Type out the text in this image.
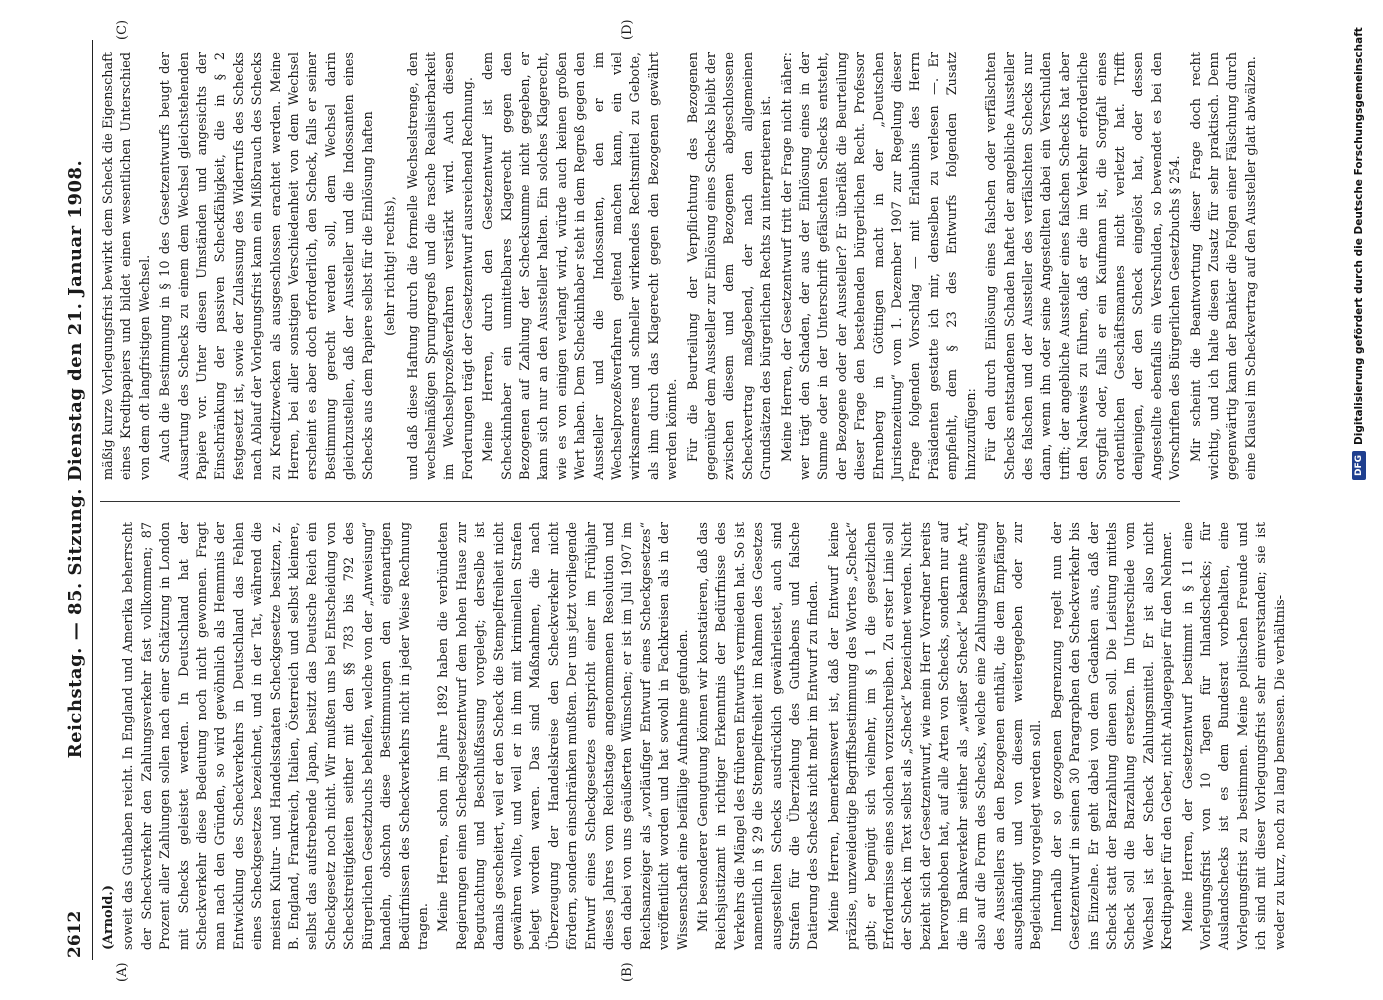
2612
Reichstag. — 85. Sitzung. Dienstag den 21. Januar 1908.
(A)	(B)
(C)	(D)

(Arnold.) soweit das Guthaben reicht. In England und Amerika beherrscht der Scheckverkehr den Zahlungsverkehr fast vollkommen; 87 Prozent aller Zahlungen sollen nach einer Schätzung in London mit Schecks geleistet werden. In Deutschland hat der Scheckverkehr diese Bedeutung noch nicht gewonnen. Fragt man nach den Gründen, so wird gewöhnlich als Hemmnis der Entwicklung des Scheckverkehrs in Deutschland das Fehlen eines Scheckgesetzes bezeichnet, und in der Tat, während die meisten Kultur- und Handelsstaaten Scheckgesetze besitzen, z. B. England, Frankreich, Italien, Österreich und selbst kleinere, selbst das aufstrebende Japan, besitzt das Deutsche Reich ein Scheckgesetz noch nicht. Wir mußten uns bei Entscheidung von Scheckstreitigkeiten seither mit den §§ 783 bis 792 des Bürgerlichen Gesetzbuchs behelfen, welche von der „Anweisung“ handeln, obschon diese Bestimmungen den eigenartigen Bedürfnissen des Scheckverkehrs nicht in jeder Weise Rechnung tragen. Meine Herren, schon im Jahre 1892 haben die verbündeten Regierungen einen Scheckgesetzentwurf dem hohen Hause zur Begutachtung und Beschlußfassung vorgelegt; derselbe ist damals gescheitert, weil er den Scheck die Stempelfreiheit nicht gewähren wollte, und weil er in ihm mit kriminellen Strafen belegt worden waren. Das sind Maßnahmen, die nach Überzeugung der Handelskreise den Scheckverkehr nicht fördern, sondern einschränken mußten. Der uns jetzt vorliegende Entwurf eines Scheckgesetzes entspricht einer im Frühjahr dieses Jahres vom Reichstage angenommenen Resolution und den dabei von uns geäußerten Wünschen; er ist im Juli 1907 im Reichsanzeiger als „vorläufiger Entwurf eines Scheckgesetzes“ veröffentlicht worden und hat sowohl in Fachkreisen als in der Wissenschaft eine beifällige Aufnahme gefunden. Mit besonderer Genugtuung können wir konstatieren, daß das Reichsjustizamt in richtiger Erkenntnis der Bedürfnisse des Verkehrs die Mängel des früheren Entwurfs vermieden hat. So ist namentlich in § 29 die Stempelfreiheit im Rahmen des Gesetzes ausgestellten Schecks ausdrücklich gewährleistet, auch sind Strafen für die Überziehung des Guthabens und falsche Datierung des Schecks nicht mehr im Entwurf zu finden. Meine Herren, bemerkenswert ist, daß der Entwurf keine präzise, unzweideutige Begriffsbestimmung des Wortes „Scheck“ gibt; er begnügt sich vielmehr, im § 1 die gesetzlichen Erfordernisse eines solchen vorzuschreiben. Zu erster Linie soll der Scheck im Text selbst als „Scheck“ bezeichnet werden. Nicht bezieht sich der Gesetzentwurf, wie mein Herr Vorredner bereits hervorgehoben hat, auf alle Arten von Schecks, sondern nur auf die im Bankverkehr seither als „weißer Scheck“ bekannte Art, also auf die Form des Schecks, welche eine Zahlungsanweisung des Ausstellers an den Bezogenen enthält, die dem Empfänger ausgehändigt und von diesem weitergegeben oder zur Begleichung vorgelegt werden soll. Innerhalb der so gezogenen Begrenzung regelt nun der Gesetzentwurf in seinen 30 Paragraphen den Scheckverkehr bis ins Einzelne. Er geht dabei von dem Gedanken aus, daß der Scheck statt der Barzahlung dienen soll. Die Leistung mittels Scheck soll die Barzahlung ersetzen. Im Unterschiede vom Wechsel ist der Scheck Zahlungsmittel. Er ist also nicht Kreditpapier für den Geber, nicht Anlagepapier für den Nehmer. Meine Herren, der Gesetzentwurf bestimmt in § 11 eine Vorlegungsfrist von 10 Tagen für Inlandschecks; für Auslandschecks ist es dem Bundesrat vorbehalten, eine Vorlegungsfrist zu bestimmen. Meine politischen Freunde und ich sind mit dieser Vorlegungsfrist sehr einverstanden; sie ist weder zu kurz, noch zu lang bemessen. Die verhältnis-

mäßig kurze Vorlegungsfrist bewirkt dem Scheck die Eigenschaft eines Kreditpapiers und bildet einen wesentlichen Unterschied von dem oft langfristigen Wechsel. Auch die Bestimmung in § 10 des Gesetzentwurfs beugt der Ausartung des Schecks zu einem dem Wechsel gleichstehenden Papiere vor. Unter diesen Umständen und angesichts der Einschränkung der passiven Scheckfähigkeit, die in § 2 festgesetzt ist, sowie der Zulassung des Widerrufs des Schecks nach Ablauf der Vorlegungsfrist kann ein Mißbrauch des Schecks zu Kreditzwecken als ausgeschlossen erachtet werden. Meine Herren, bei aller sonstigen Verschiedenheit von dem Wechsel erscheint es aber doch erforderlich, den Scheck, falls er seiner Bestimmung gerecht werden soll, dem Wechsel darin gleichzustellen, daß der Aussteller und die Indossanten eines Schecks aus dem Papiere selbst für die Einlösung haften (sehr richtig! rechts), und daß diese Haftung durch die formelle Wechselstrenge, den wechselmäßigen Sprungregreß und die rasche Realisierbarkeit im Wechselprozeßverfahren verstärkt wird. Auch diesen Forderungen trägt der Gesetzentwurf ausreichend Rechnung. Meine Herren, durch den Gesetzentwurf ist dem Scheckinhaber ein unmittelbares Klagerecht gegen den Bezogenen auf Zahlung der Schecksumme nicht gegeben, er kann sich nur an den Aussteller halten. Ein solches Klagerecht, wie es von einigen verlangt wird, würde auch keinen großen Wert haben. Dem Scheckinhaber steht in dem Regreß gegen den Aussteller und die Indossanten, den er im Wechselprozeßverfahren geltend machen kann, ein viel wirksameres und schneller wirkendes Rechtsmittel zu Gebote, als ihm durch das Klagerecht gegen den Bezogenen gewährt werden könnte. Für die Beurteilung der Verpflichtung des Bezogenen gegenüber dem Aussteller zur Einlösung eines Schecks bleibt der zwischen diesem und dem Bezogenen abgeschlossene Scheckvertrag maßgebend, der nach den allgemeinen Grundsätzen des bürgerlichen Rechts zu interpretieren ist. Meine Herren, der Gesetzentwurf tritt der Frage nicht näher: wer trägt den Schaden, der aus der Einlösung eines in der Summe oder in der Unterschrift gefälschten Schecks entsteht, der Bezogene oder der Aussteller? Er überläßt die Beurteilung dieser Frage den bestehenden bürgerlichen Recht. Professor Ehrenberg in Göttingen macht in der „Deutschen Juristenzeitung“ vom 1. Dezember 1907 zur Regelung dieser Frage folgenden Vorschlag — mit Erlaubnis des Herrn Präsidenten gestatte ich mir, denselben zu verlesen —. Er empfiehlt, dem § 23 des Entwurfs folgenden Zusatz hinzuzufügen: Für den durch Einlösung eines falschen oder verfälschten Schecks entstandenen Schaden haftet der angebliche Aussteller des falschen und der Aussteller des verfälschten Schecks nur dann, wenn ihn oder seine Angestellten dabei ein Verschulden trifft; der angebliche Aussteller eines falschen Schecks hat aber den Nachweis zu führen, daß er die im Verkehr erforderliche Sorgfalt oder, falls er ein Kaufmann ist, die Sorgfalt eines ordentlichen Geschäftsmannes nicht verletzt hat. Trifft denjenigen, der den Scheck eingelöst hat, oder dessen Angestellte ebenfalls ein Verschulden, so bewendet es bei den Vorschriften des Bürgerlichen Gesetzbuchs § 254. Mir scheint die Beantwortung dieser Frage doch recht wichtig, und ich halte diesen Zusatz für sehr praktisch. Denn gegenwärtig kann der Bankier die Folgen einer Fälschung durch eine Klausel im Scheckvertrag auf den Aussteller glatt abwälzen.	DFG
Digitalisierung gefördert durch die Deutsche Forschungsgemeinschaft
